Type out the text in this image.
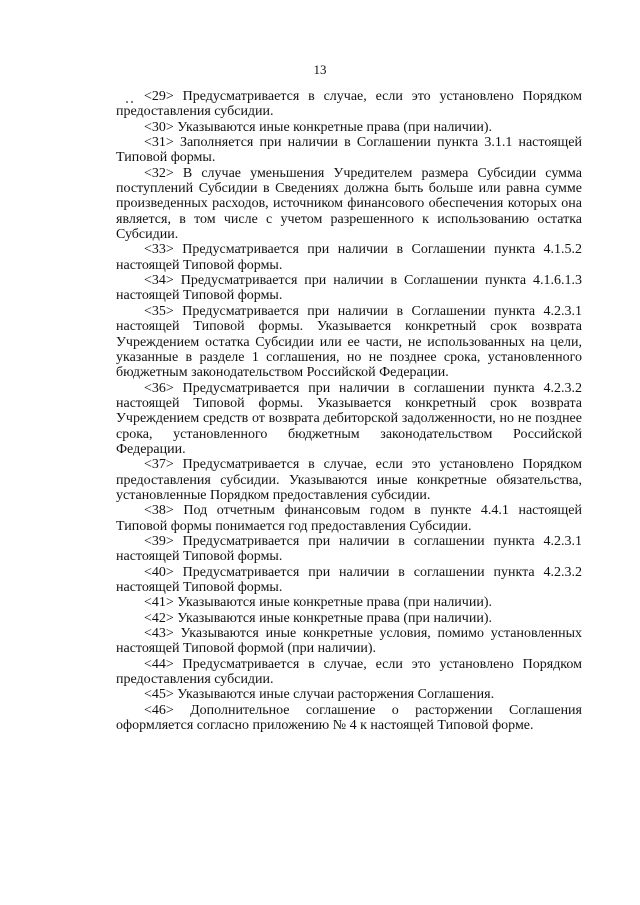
13

<29> Предусматривается в случае, если это установлено Порядком предоставления субсидии.

<30> Указываются иные конкретные права (при наличии).

<31> Заполняется при наличии в Соглашении пункта 3.1.1 настоящей Типовой формы.

<32> В случае уменьшения Учредителем размера Субсидии сумма поступлений Субсидии в Сведениях должна быть больше или равна сумме произведенных расходов, источником финансового обеспечения которых она является, в том числе с учетом разрешенного к использованию остатка Субсидии.

<33> Предусматривается при наличии в Соглашении пункта 4.1.5.2 настоящей Типовой формы.

<34> Предусматривается при наличии в Соглашении пункта 4.1.6.1.3 настоящей Типовой формы.

<35> Предусматривается при наличии в Соглашении пункта 4.2.3.1 настоящей Типовой формы. Указывается конкретный срок возврата Учреждением остатка Субсидии или ее части, не использованных на цели, указанные в разделе 1 соглашения, но не позднее срока, установленного бюджетным законодательством Российской Федерации.

<36> Предусматривается при наличии в соглашении пункта 4.2.3.2 настоящей Типовой формы. Указывается конкретный срок возврата Учреждением средств от возврата дебиторской задолженности, но не позднее срока, установленного бюджетным законодательством Российской Федерации.

<37> Предусматривается в случае, если это установлено Порядком предоставления субсидии. Указываются иные конкретные обязательства, установленные Порядком предоставления субсидии.

<38> Под отчетным финансовым годом в пункте 4.4.1 настоящей Типовой формы понимается год предоставления Субсидии.

<39> Предусматривается при наличии в соглашении пункта 4.2.3.1 настоящей Типовой формы.

<40> Предусматривается при наличии в соглашении пункта 4.2.3.2 настоящей Типовой формы.

<41> Указываются иные конкретные права (при наличии).

<42> Указываются иные конкретные права (при наличии).

<43> Указываются иные конкретные условия, помимо установленных настоящей Типовой формой (при наличии).

<44> Предусматривается в случае, если это установлено Порядком предоставления субсидии.

<45> Указываются иные случаи расторжения Соглашения.

<46> Дополнительное соглашение о расторжении Соглашения оформляется согласно приложению № 4 к настоящей Типовой форме.
